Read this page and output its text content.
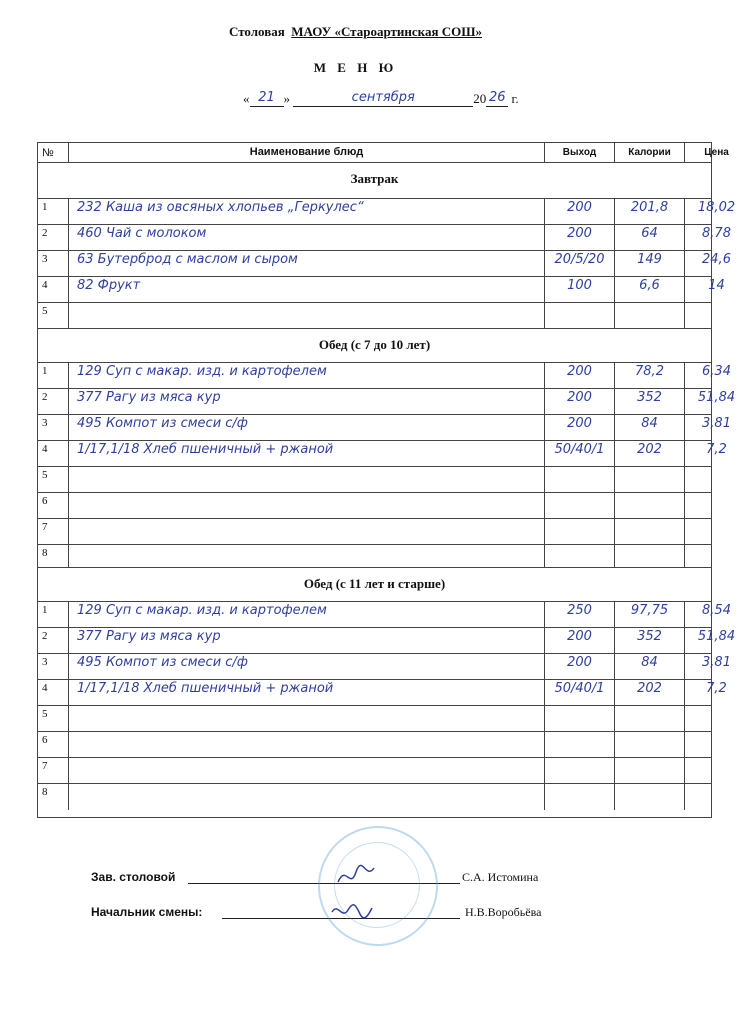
Столовая МАОУ «Староартинская СОШ»
М Е Н Ю
« 21 »	сентября	20 26 г.
№	Наименование блюд	Выход	Калории	Цена
Завтрак
1	232 Каша из овсяных хлопьев „Геркулес“	200	201,8	18,02
2	460 Чай с молоком	200	64	8,78
3	63 Бутерброд с маслом и сыром	20/5/20	149	24,6
4	82 Фрукт	100	6,6	14
5
Обед (с 7 до 10 лет)
1	129 Суп с макар. изд. и картофелем	200	78,2	6,34
2	377 Рагу из мяса кур	200	352	51,84
3	495 Компот из смеси с/ф	200	84	3,81
4	1/17,1/18 Хлеб пшеничный + ржаной	50/40/1	202	7,2
5
6
7
8
Обед (с 11 лет и старше)
1	129 Суп с макар. изд. и картофелем	250	97,75	8,54
2	377 Рагу из мяса кур	200	352	51,84
3	495 Компот из смеси с/ф	200	84	3,81
4	1/17,1/18 Хлеб пшеничный + ржаной	50/40/1	202	7,2
5
6
7
8
Зав. столовой	С.А. Истомина
Начальник смены:	Н.В.Воробьёва
